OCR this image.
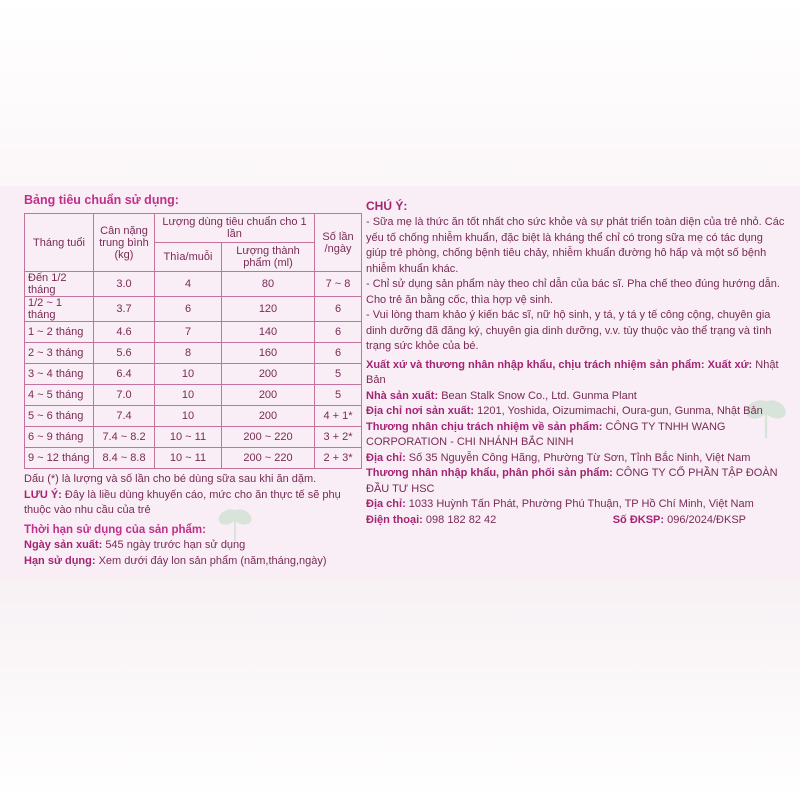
Bảng tiêu chuẩn sử dụng:
Tháng tuổi	Cân nặng trung bình (kg)	Lượng dùng tiêu chuẩn cho 1 lần		Số lần /ngày
		Thìa/muỗi	Lượng thành phẩm (ml)	
Đến 1/2 tháng	3.0	4	80	7 ~ 8
1/2 ~ 1 tháng	3.7	6	120	6
1 ~ 2 tháng	4.6	7	140	6
2 ~ 3 tháng	5.6	8	160	6
3 ~ 4 tháng	6.4	10	200	5
4 ~ 5 tháng	7.0	10	200	5
5 ~ 6 tháng	7.4	10	200	4 + 1*
6 ~ 9 tháng	7.4 ~ 8.2	10 ~ 11	200 ~ 220	3 + 2*
9 ~ 12 tháng	8.4 ~ 8.8	10 ~ 11	200 ~ 220	2 + 3*
Dấu (*) là lượng và số lần cho bé dùng sữa sau khi ăn dặm.
LƯU Ý: Đây là liều dùng khuyến cáo, mức cho ăn thực tế sẽ phụ thuộc vào nhu cầu của trẻ
Thời hạn sử dụng của sản phẩm:
Ngày sản xuất: 545 ngày trước hạn sử dụng
Hạn sử dụng: Xem dưới đáy lon sản phẩm (năm,tháng,ngày)
CHÚ Ý:

- Sữa mẹ là thức ăn tốt nhất cho sức khỏe và sự phát triển toàn diện của trẻ nhỏ. Các yếu tố chống nhiễm khuẩn, đặc biệt là kháng thể chỉ có trong sữa mẹ có tác dụng giúp trẻ phòng, chống bệnh tiêu chảy, nhiễm khuẩn đường hô hấp và một số bệnh nhiễm khuẩn khác.

- Chỉ sử dụng sản phẩm này theo chỉ dẫn của bác sĩ. Pha chế theo đúng hướng dẫn. Cho trẻ ăn bằng cốc, thìa hợp vệ sinh.

- Vui lòng tham khảo ý kiến bác sĩ, nữ hộ sinh, y tá, y tá y tế công cộng, chuyên gia dinh dưỡng đã đăng ký, chuyên gia dinh dưỡng, v.v. tùy thuộc vào thể trạng và tình trạng sức khỏe của bé.

Xuất xứ và thương nhân nhập khẩu, chịu trách nhiệm sản phẩm: Xuất xứ: Nhật Bản

Nhà sản xuất: Bean Stalk Snow Co., Ltd. Gunma Plant

Địa chỉ nơi sản xuất: 1201, Yoshida, Oizumimachi, Oura-gun, Gunma, Nhật Bản

Thương nhân chịu trách nhiệm về sản phẩm: CÔNG TY TNHH WANG CORPORATION - CHI NHÁNH BẮC NINH

Địa chỉ: Số 35 Nguyễn Công Hãng, Phường Từ Sơn, Tỉnh Bắc Ninh, Việt Nam

Thương nhân nhập khẩu, phân phối sản phẩm: CÔNG TY CỔ PHẦN TẬP ĐOÀN ĐẦU TƯ HSC

Địa chỉ: 1033 Huỳnh Tấn Phát, Phường Phú Thuận, TP Hồ Chí Minh, Việt Nam

Điện thoại: 098 182 82 42	Số ĐKSP: 096/2024/ĐKSP
